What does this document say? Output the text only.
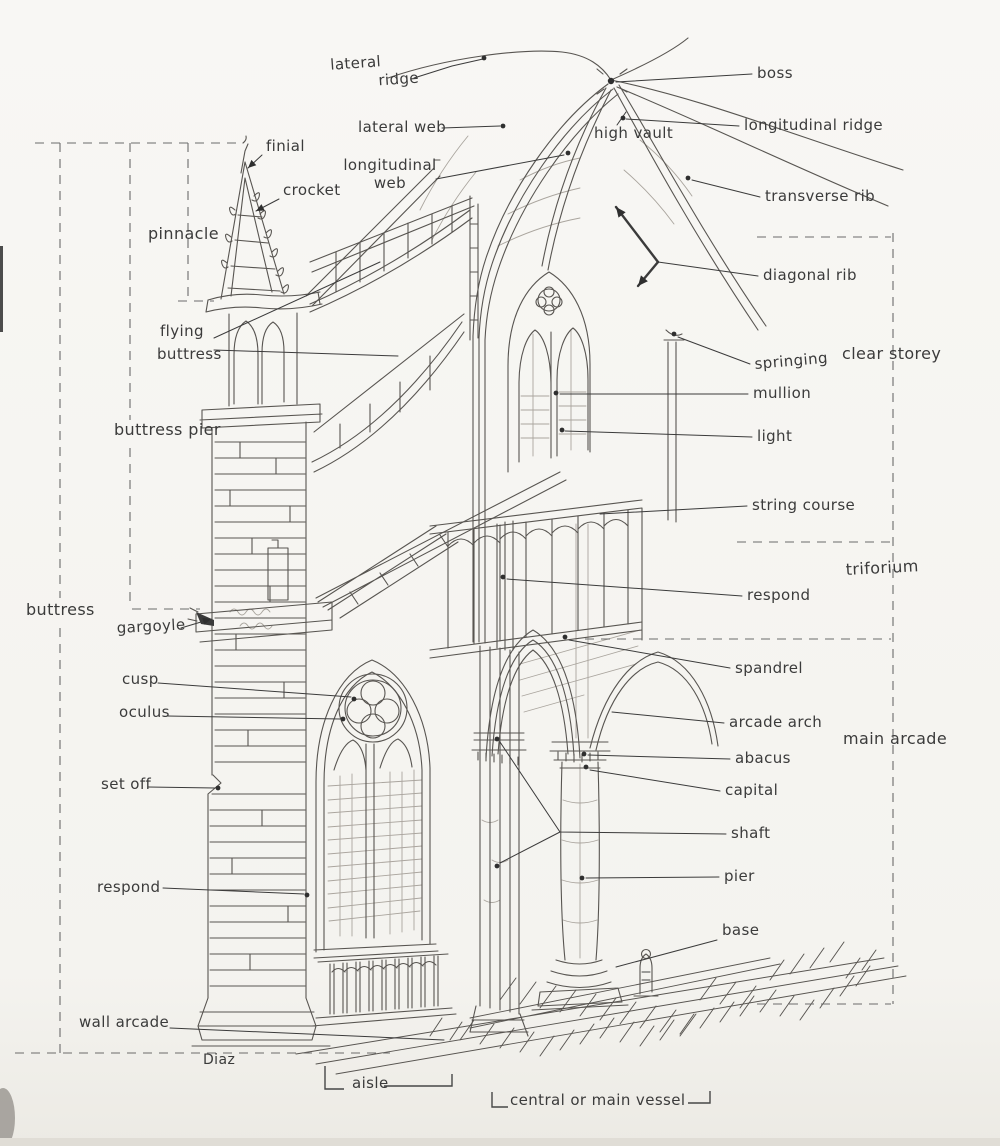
lateral
ridge	boss
lateral web	high vault	longitudinal ridge
longitudinal
web
transverse rib
finial
crocket
pinnacle
flying
buttress
buttress pier
diagonal rib
clear storey
springing
mullion
light
string course
triforium
respond
buttress
gargoyle
spandrel
cusp
oculus
arcade arch
main arcade
abacus
capital
set off
shaft
respond
pier
base
wall arcade
Diaz
aisle
central or main vessel
